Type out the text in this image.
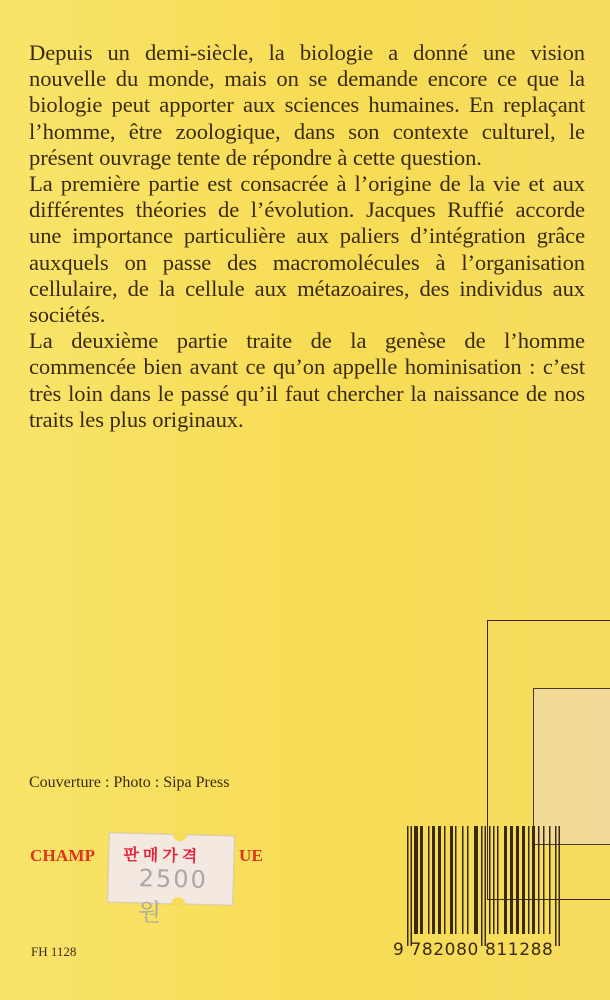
Depuis un demi-siècle, la biologie a donné une vision nouvelle du monde, mais on se demande encore ce que la biologie peut apporter aux sciences humaines. En replaçant l’homme, être zoologique, dans son contexte culturel, le présent ouvrage tente de répondre à cette question.

La première partie est consacrée à l’origine de la vie et aux différentes théories de l’évolution. Jacques Ruffié accorde une importance particulière aux paliers d’intégration grâce auxquels on passe des macromolécules à l’organisation cellulaire, de la cellule aux métazoaires, des individus aux sociétés.

La deuxième partie traite de la genèse de l’homme commencée bien avant ce qu’on appelle hominisation : c’est très loin dans le passé qu’il faut chercher la naissance de nos traits les plus originaux.

Couverture : Photo : Sipa Press
CHAMP	UE
판매가격
2500원
FH 1128	9 782080 811288
